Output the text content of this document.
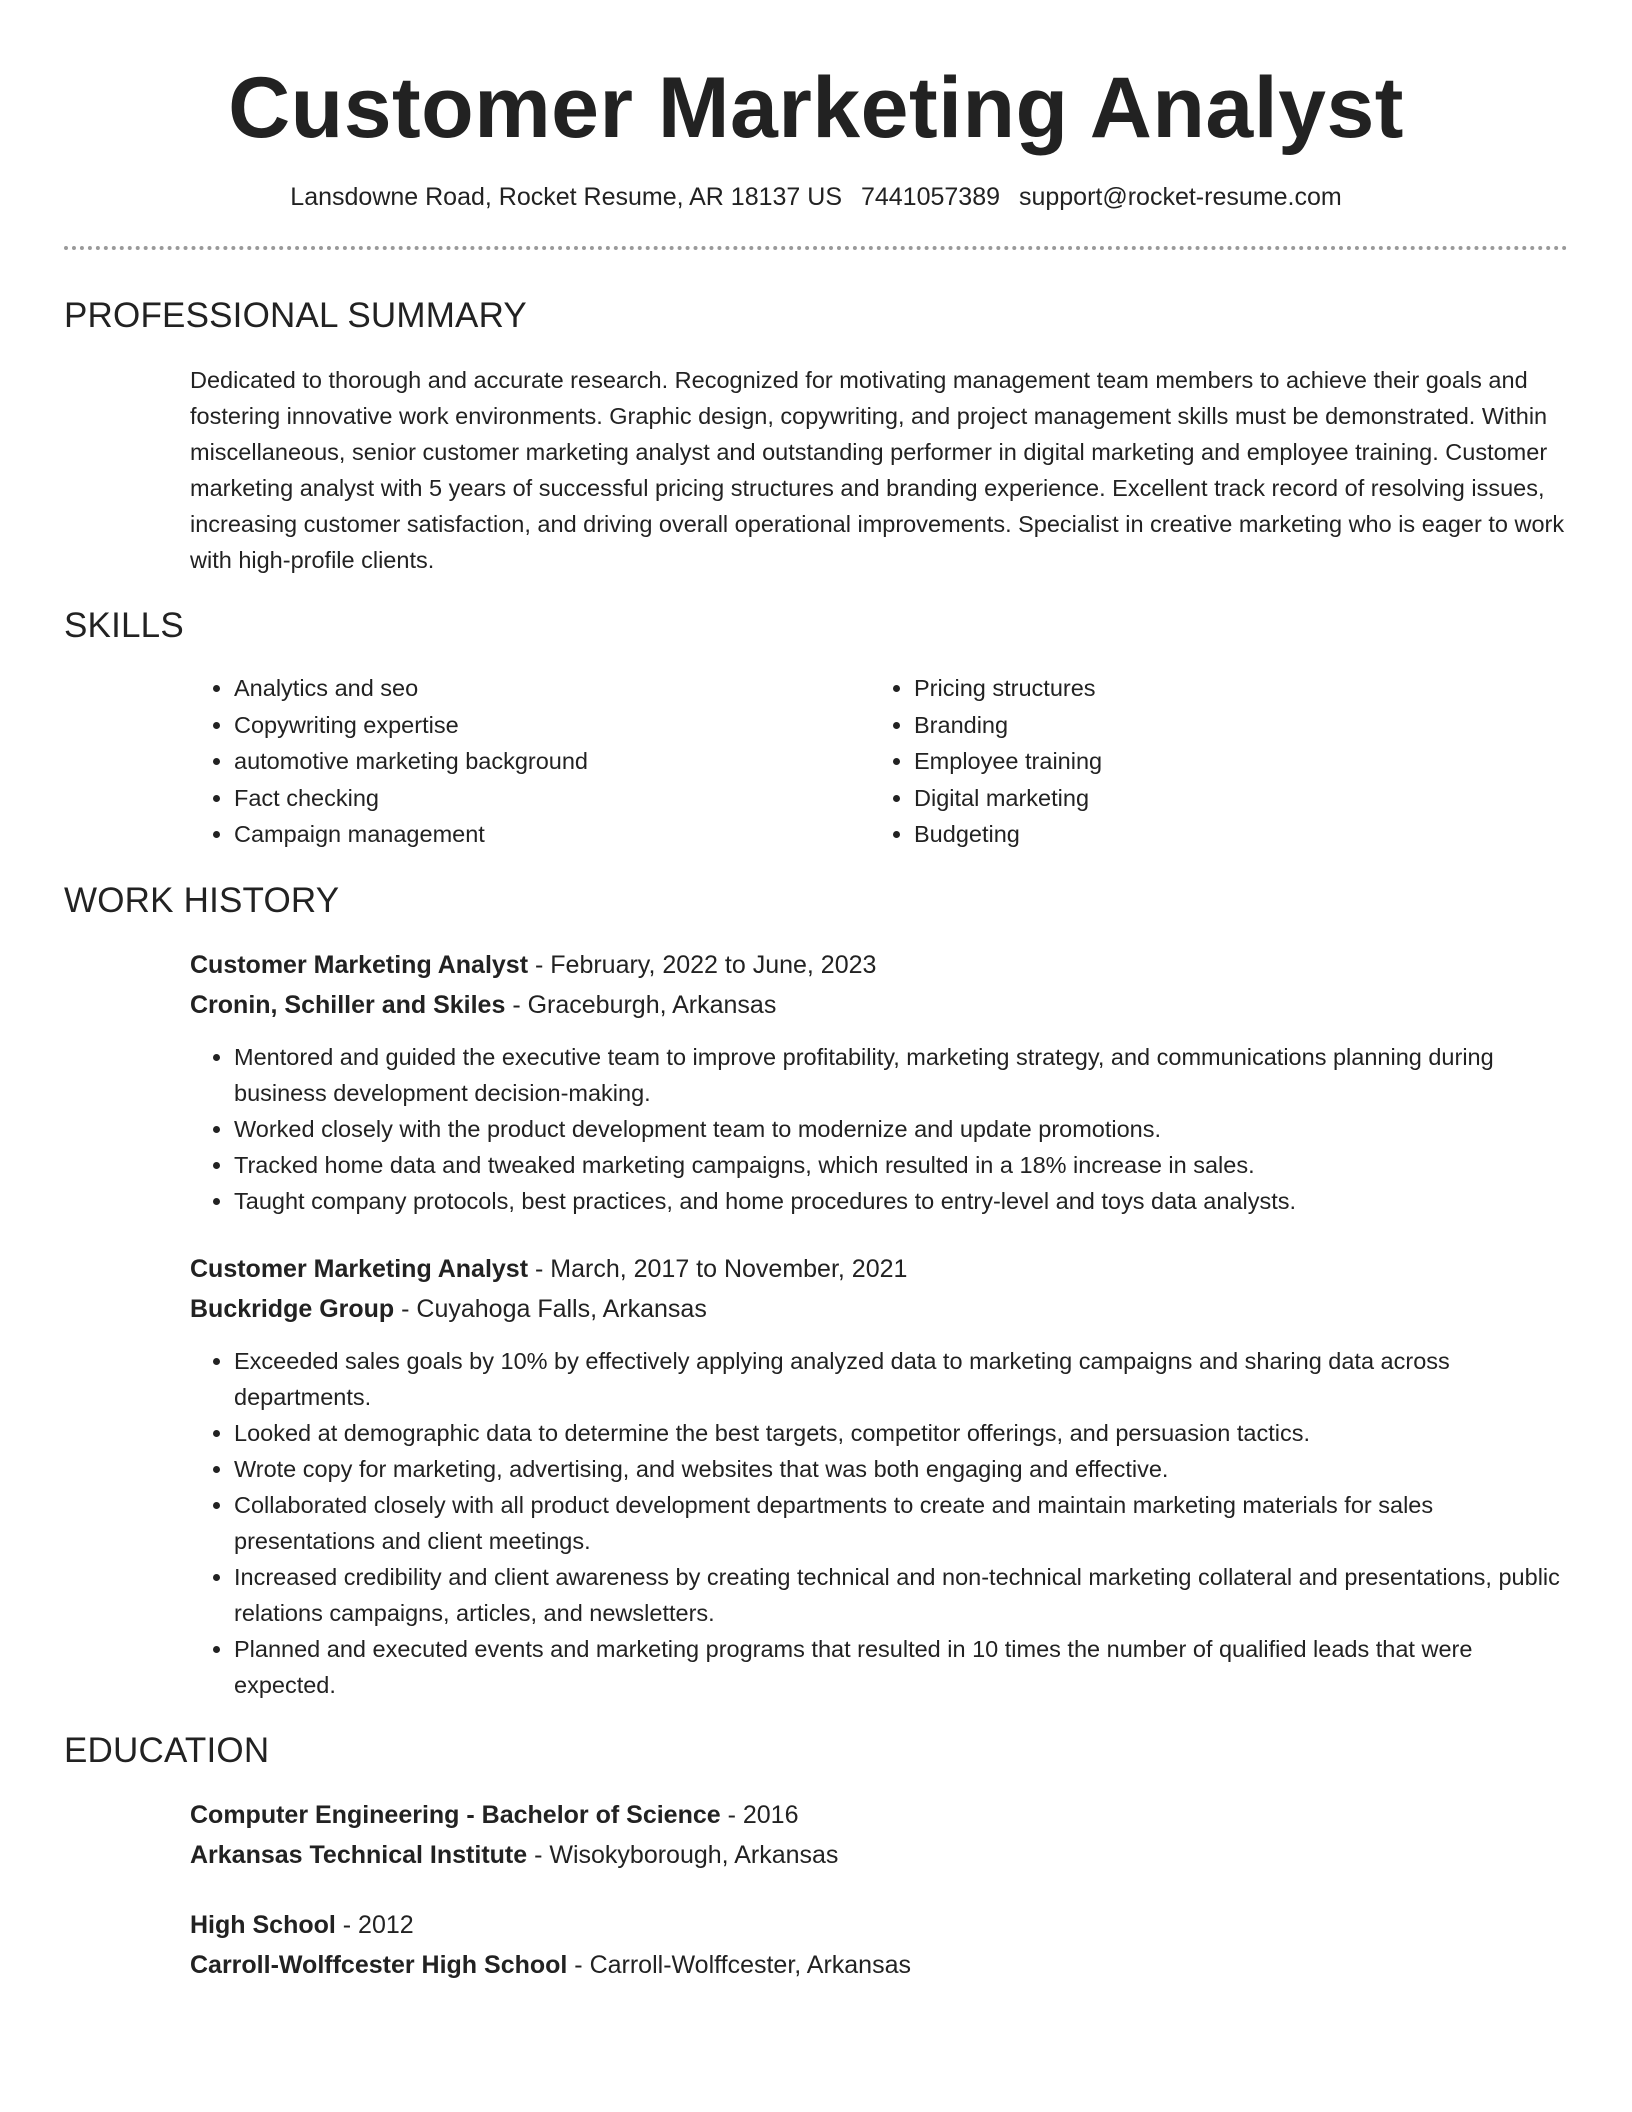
Customer Marketing Analyst
Lansdowne Road, Rocket Resume, AR 18137 US 7441057389 support@rocket-resume.com
PROFESSIONAL SUMMARY

Dedicated to thorough and accurate research. Recognized for motivating management team members to achieve their goals and fostering innovative work environments. Graphic design, copywriting, and project management skills must be demonstrated. Within miscellaneous, senior customer marketing analyst and outstanding performer in digital marketing and employee training. Customer marketing analyst with 5 years of successful pricing structures and branding experience. Excellent track record of resolving issues, increasing customer satisfaction, and driving overall operational improvements. Specialist in creative marketing who is eager to work with high-profile clients.

SKILLS
• Analytics and seo
• Copywriting expertise
• automotive marketing background
• Fact checking
• Campaign management
• Pricing structures
• Branding
• Employee training
• Digital marketing
• Budgeting
WORK HISTORY
Customer Marketing Analyst - February, 2022 to June, 2023
Cronin, Schiller and Skiles - Graceburgh, Arkansas
• Mentored and guided the executive team to improve profitability, marketing strategy, and communications planning during business development decision-making.
• Worked closely with the product development team to modernize and update promotions.
• Tracked home data and tweaked marketing campaigns, which resulted in a 18% increase in sales.
• Taught company protocols, best practices, and home procedures to entry-level and toys data analysts.
Customer Marketing Analyst - March, 2017 to November, 2021
Buckridge Group - Cuyahoga Falls, Arkansas
• Exceeded sales goals by 10% by effectively applying analyzed data to marketing campaigns and sharing data across departments.
• Looked at demographic data to determine the best targets, competitor offerings, and persuasion tactics.
• Wrote copy for marketing, advertising, and websites that was both engaging and effective.
• Collaborated closely with all product development departments to create and maintain marketing materials for sales presentations and client meetings.
• Increased credibility and client awareness by creating technical and non-technical marketing collateral and presentations, public relations campaigns, articles, and newsletters.
• Planned and executed events and marketing programs that resulted in 10 times the number of qualified leads that were expected.
EDUCATION
Computer Engineering - Bachelor of Science - 2016
Arkansas Technical Institute - Wisokyborough, Arkansas
High School - 2012
Carroll-Wolffcester High School - Carroll-Wolffcester, Arkansas
